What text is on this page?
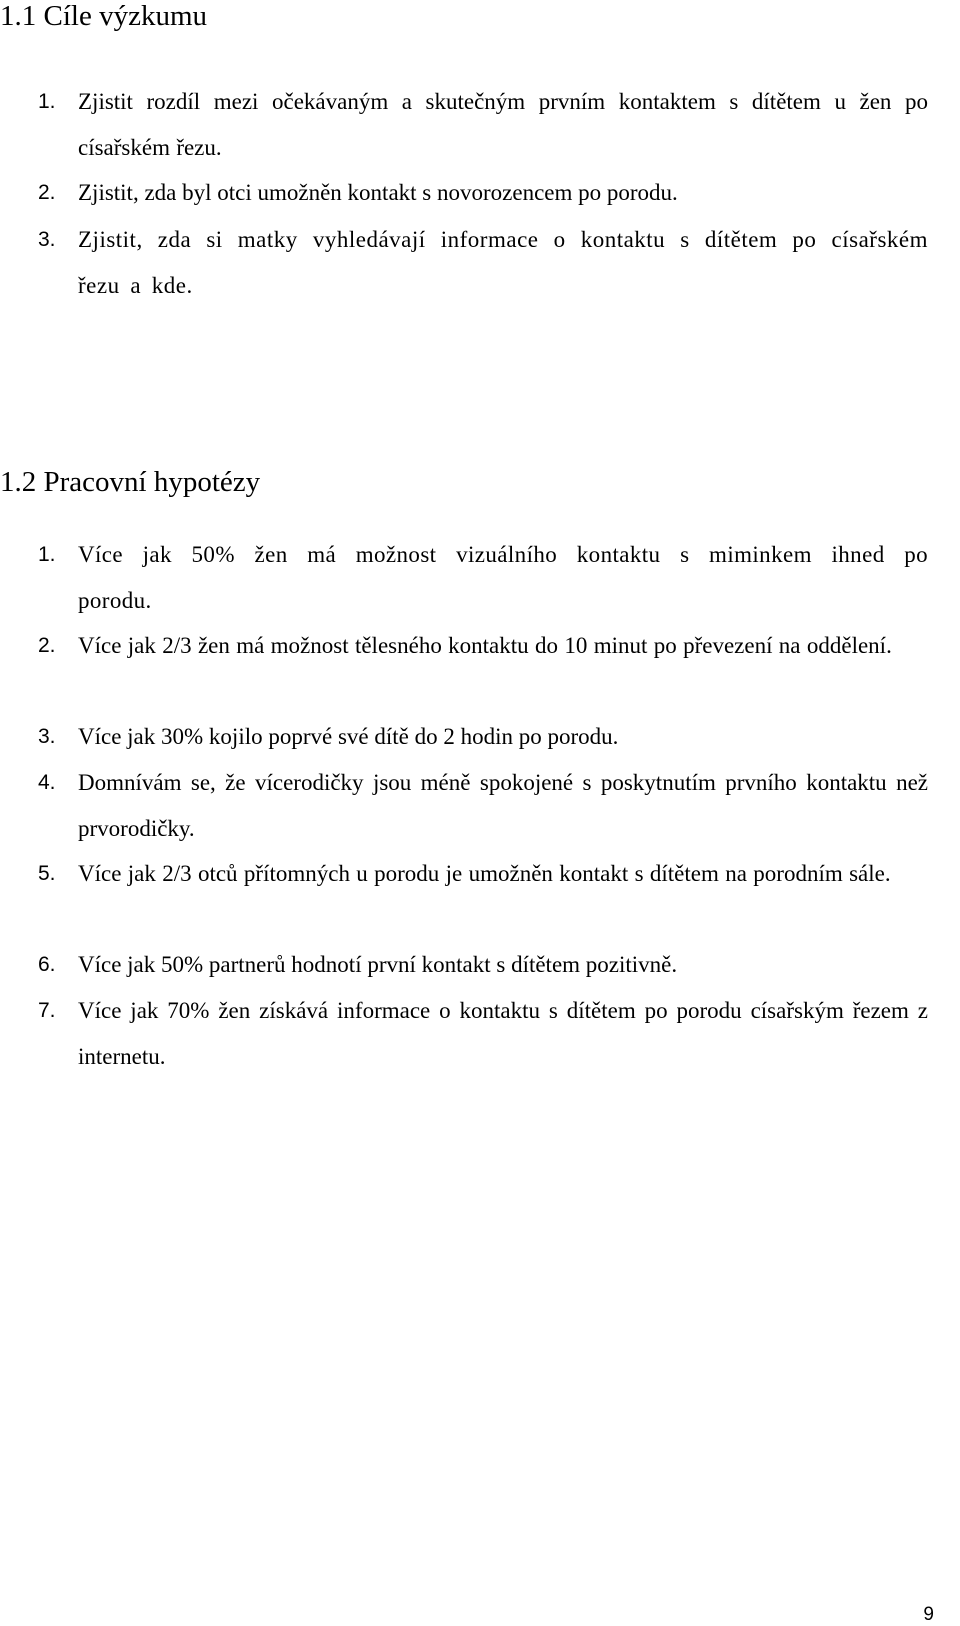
1.1 Cíle výzkumu
1. Zjistit rozdíl mezi očekávaným a skutečným prvním kontaktem s dítětem u žen po císařském řezu.
2. Zjistit, zda byl otci umožněn kontakt s novorozencem po porodu.
3. Zjistit, zda si matky vyhledávají informace o kontaktu s dítětem po císařském řezu a kde.
1.2 Pracovní hypotézy
1. Více jak 50% žen má možnost vizuálního kontaktu s miminkem ihned po porodu.
2. Více jak 2/3 žen má možnost tělesného kontaktu do 10 minut po převezení na oddělení.
3. Více jak 30% kojilo poprvé své dítě do 2 hodin po porodu.
4. Domnívám se, že vícerodičky jsou méně spokojené s poskytnutím prvního kontaktu než prvorodičky.
5. Více jak 2/3 otců přítomných u porodu je umožněn kontakt s dítětem na porodním sále.
6. Více jak 50% partnerů hodnotí první kontakt s dítětem pozitivně.
7. Více jak 70% žen získává informace o kontaktu s dítětem po porodu císařským řezem z internetu.
9
